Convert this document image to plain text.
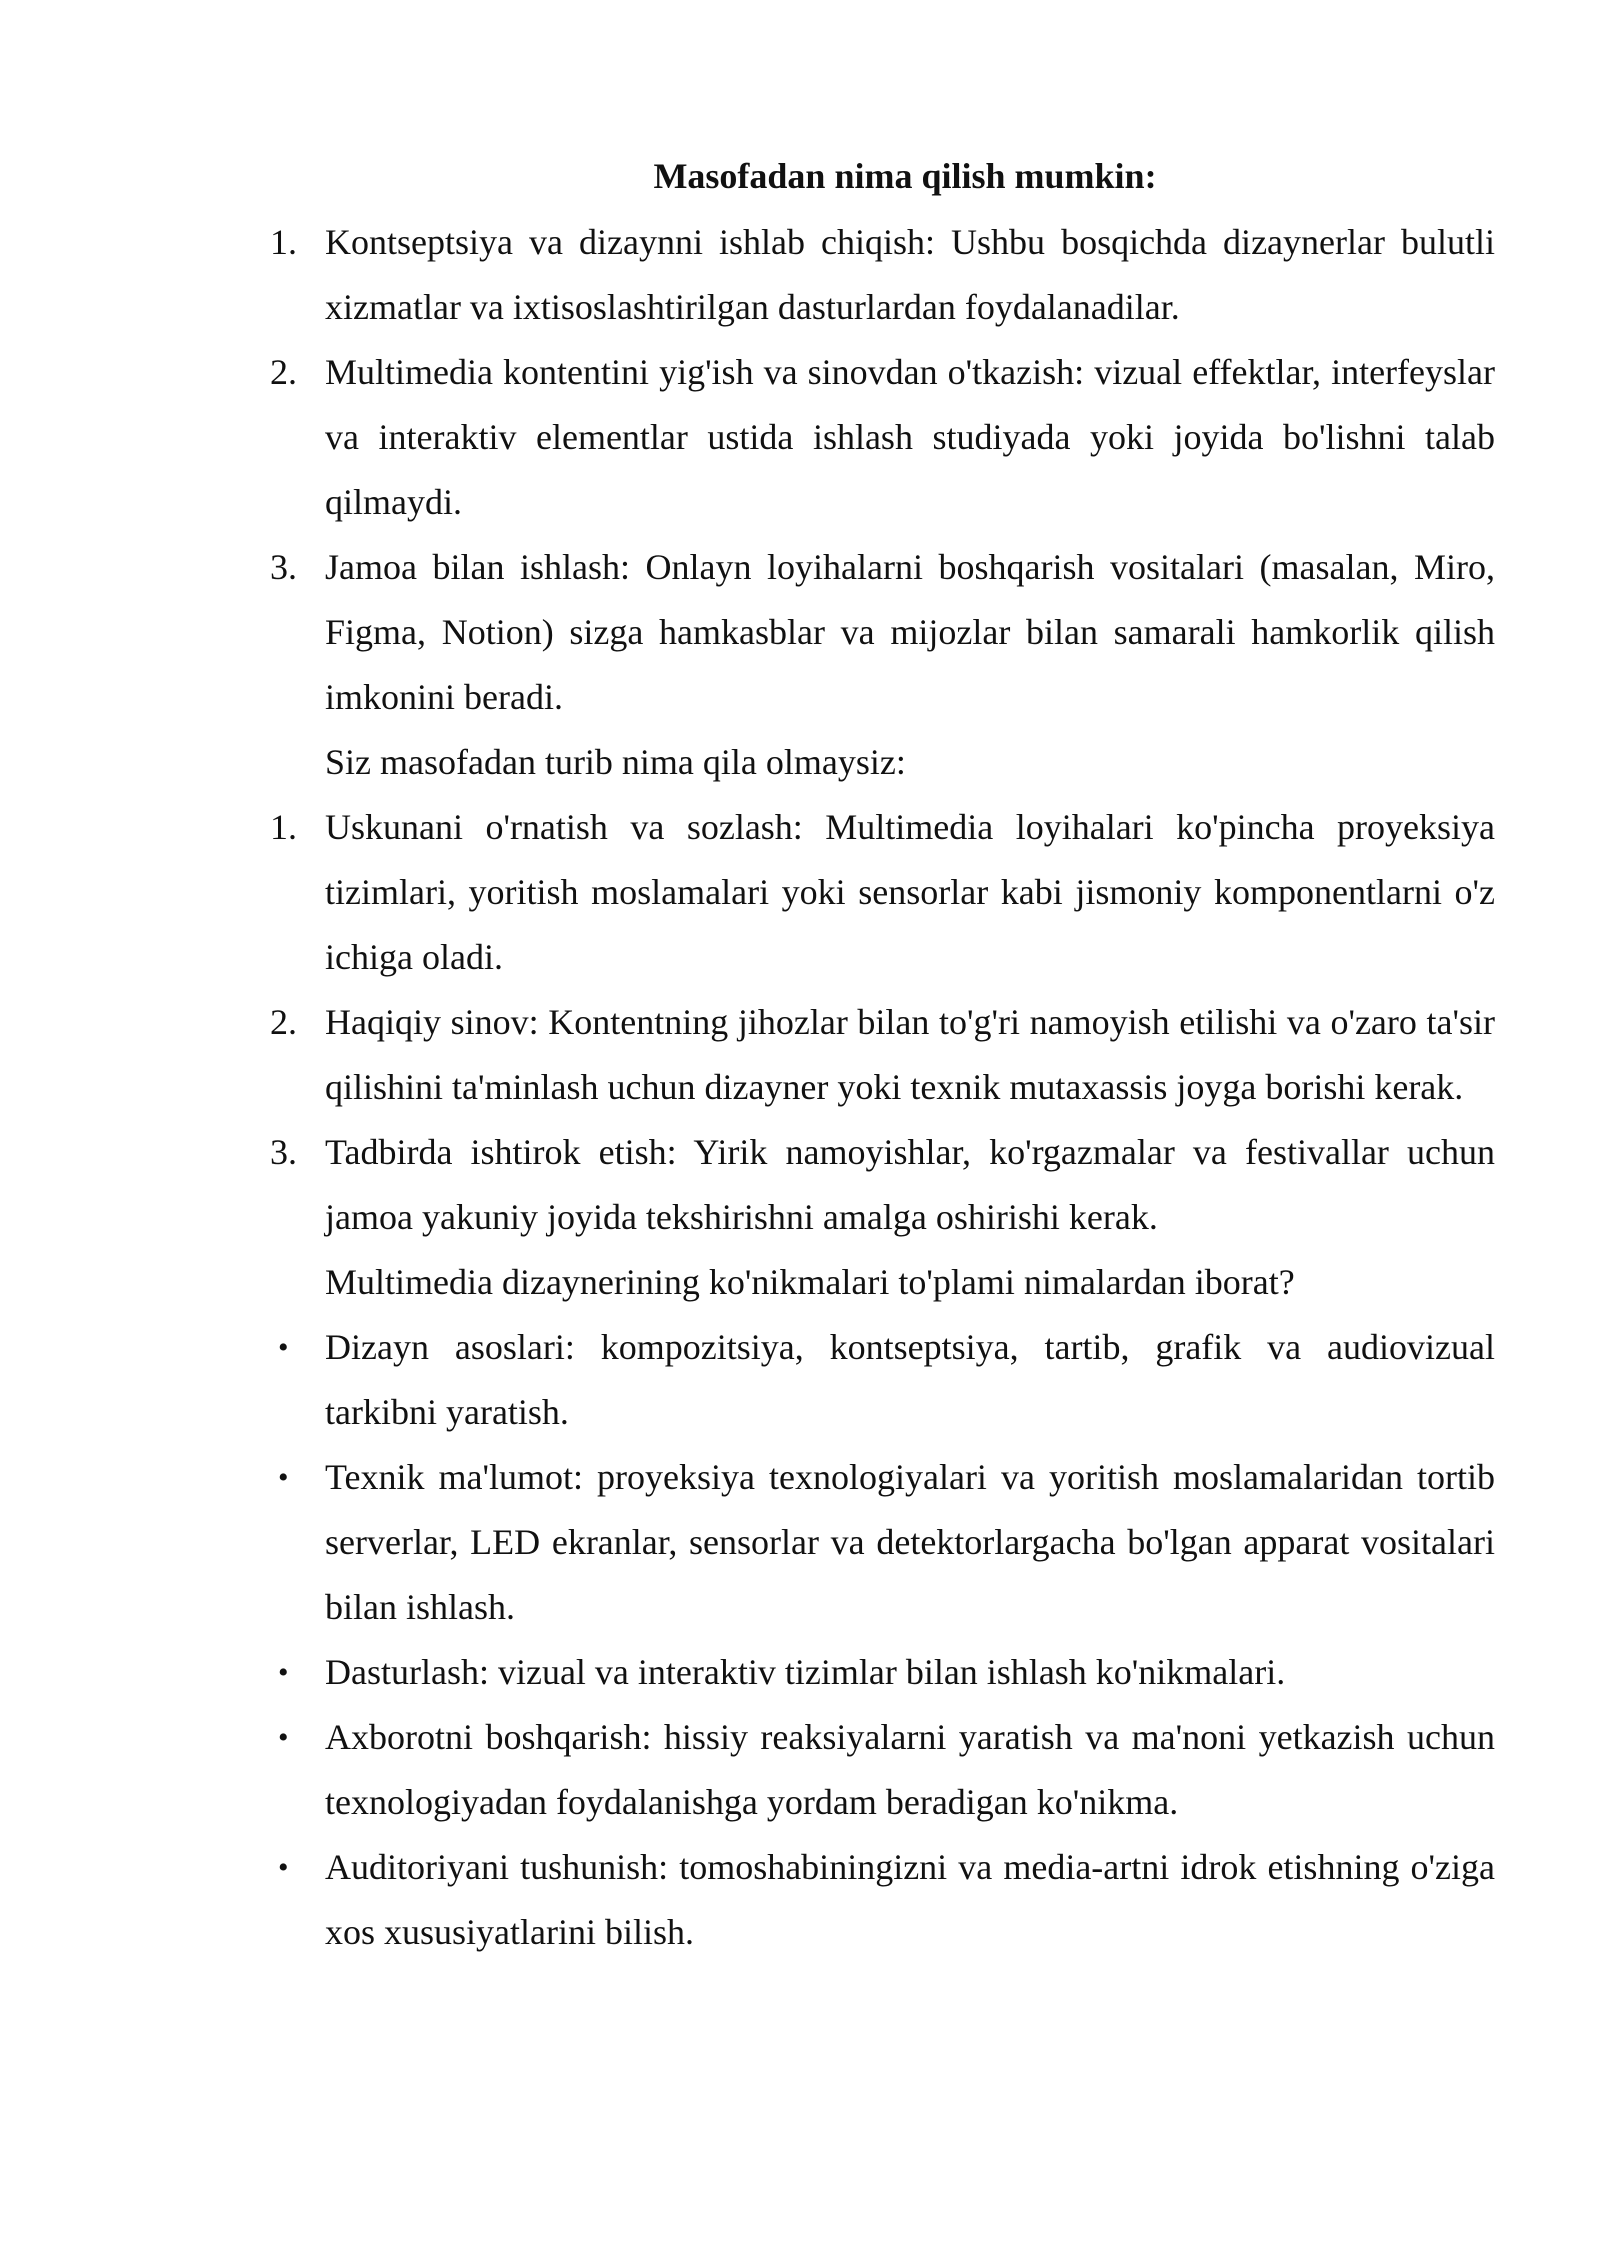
Masofadan nima qilish mumkin:
1. Kontseptsiya va dizaynni ishlab chiqish: Ushbu bosqichda dizaynerlar bulutli xizmatlar va ixtisoslashtirilgan dasturlardan foydalanadilar.
2. Multimedia kontentini yig'ish va sinovdan o'tkazish: vizual effektlar, interfeyslar va interaktiv elementlar ustida ishlash studiyada yoki joyida bo'lishni talab qilmaydi.
3. Jamoa bilan ishlash: Onlayn loyihalarni boshqarish vositalari (masalan, Miro, Figma, Notion) sizga hamkasblar va mijozlar bilan samarali hamkorlik qilish imkonini beradi.
Siz masofadan turib nima qila olmaysiz:
1. Uskunani o'rnatish va sozlash: Multimedia loyihalari ko'pincha proyeksiya tizimlari, yoritish moslamalari yoki sensorlar kabi jismoniy komponentlarni o'z ichiga oladi.
2. Haqiqiy sinov: Kontentning jihozlar bilan to'g'ri namoyish etilishi va o'zaro ta'sir qilishini ta'minlash uchun dizayner yoki texnik mutaxassis joyga borishi kerak.
3. Tadbirda ishtirok etish: Yirik namoyishlar, ko'rgazmalar va festivallar uchun jamoa yakuniy joyida tekshirishni amalga oshirishi kerak.
Multimedia dizaynerining ko'nikmalari to'plami nimalardan iborat?
• Dizayn asoslari: kompozitsiya, kontseptsiya, tartib, grafik va audiovizual tarkibni yaratish.
• Texnik ma'lumot: proyeksiya texnologiyalari va yoritish moslamalaridan tortib serverlar, LED ekranlar, sensorlar va detektorlargacha bo'lgan apparat vositalari bilan ishlash.
• Dasturlash: vizual va interaktiv tizimlar bilan ishlash ko'nikmalari.
• Axborotni boshqarish: hissiy reaksiyalarni yaratish va ma'noni yetkazish uchun texnologiyadan foydalanishga yordam beradigan ko'nikma.
• Auditoriyani tushunish: tomoshabiningizni va media-artni idrok etishning o'ziga xos xususiyatlarini bilish.
